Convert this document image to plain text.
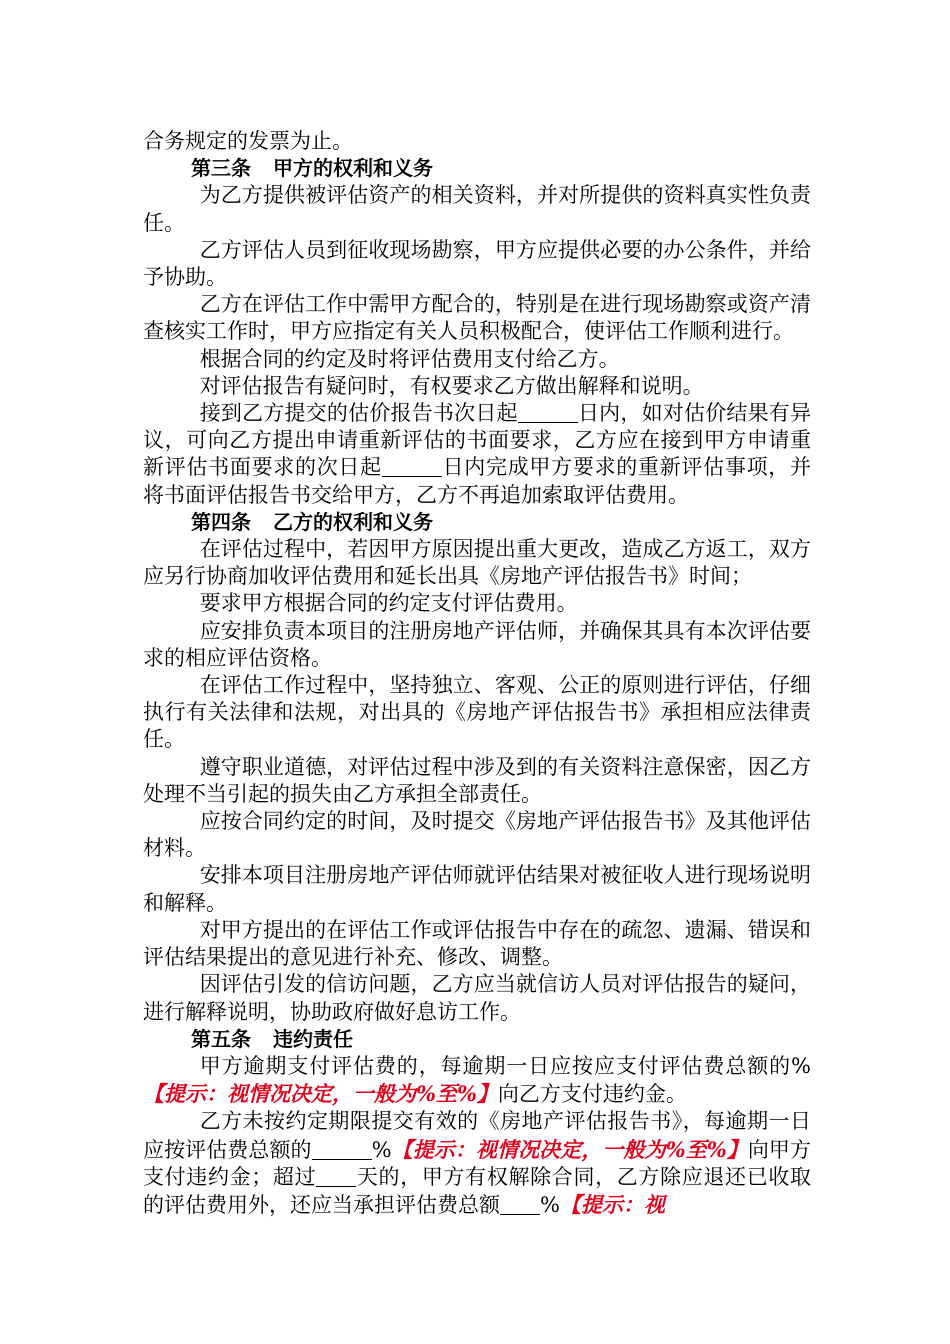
合务规定的发票为止。

第三条 甲方的权利和义务

为乙方提供被评估资产的相关资料，并对所提供的资料真实性负责任。

乙方评估人员到征收现场勘察，甲方应提供必要的办公条件，并给予协助。

乙方在评估工作中需甲方配合的，特别是在进行现场勘察或资产清查核实工作时，甲方应指定有关人员积极配合，使评估工作顺利进行。

根据合同的约定及时将评估费用支付给乙方。

对评估报告有疑问时，有权要求乙方做出解释和说明。

接到乙方提交的估价报告书次日起	日内，如对估价结果有异议，可向乙方提出申请重新评估的书面要求，乙方应在接到甲方申请重新评估书面要求的次日起	日内完成甲方要求的重新评估事项，并将书面评估报告书交给甲方，乙方不再追加索取评估费用。

第四条 乙方的权利和义务

在评估过程中，若因甲方原因提出重大更改，造成乙方返工，双方应另行协商加收评估费用和延长出具《房地产评估报告书》时间；

要求甲方根据合同的约定支付评估费用。

应安排负责本项目的注册房地产评估师，并确保其具有本次评估要求的相应评估资格。

在评估工作过程中，坚持独立、客观、公正的原则进行评估，仔细执行有关法律和法规，对出具的《房地产评估报告书》承担相应法律责任。

遵守职业道德，对评估过程中涉及到的有关资料注意保密，因乙方处理不当引起的损失由乙方承担全部责任。

应按合同约定的时间，及时提交《房地产评估报告书》及其他评估材料。

安排本项目注册房地产评估师就评估结果对被征收人进行现场说明和解释。

对甲方提出的在评估工作或评估报告中存在的疏忽、遗漏、错误和评估结果提出的意见进行补充、修改、调整。

因评估引发的信访问题，乙方应当就信访人员对评估报告的疑问，进行解释说明，协助政府做好息访工作。

第五条 违约责任

甲方逾期支付评估费的，每逾期一日应按应支付评估费总额的%【提示：视情况决定，一般为%至%】向乙方支付违约金。

乙方未按约定期限提交有效的《房地产评估报告书》，每逾期一日应按评估费总额的	%【提示：视情况决定，一般为%至%】向甲方支付违约金；超过 天的，甲方有权解除合同，乙方除应退还已收取的评估费用外，还应当承担评估费总额 %【提示：视
